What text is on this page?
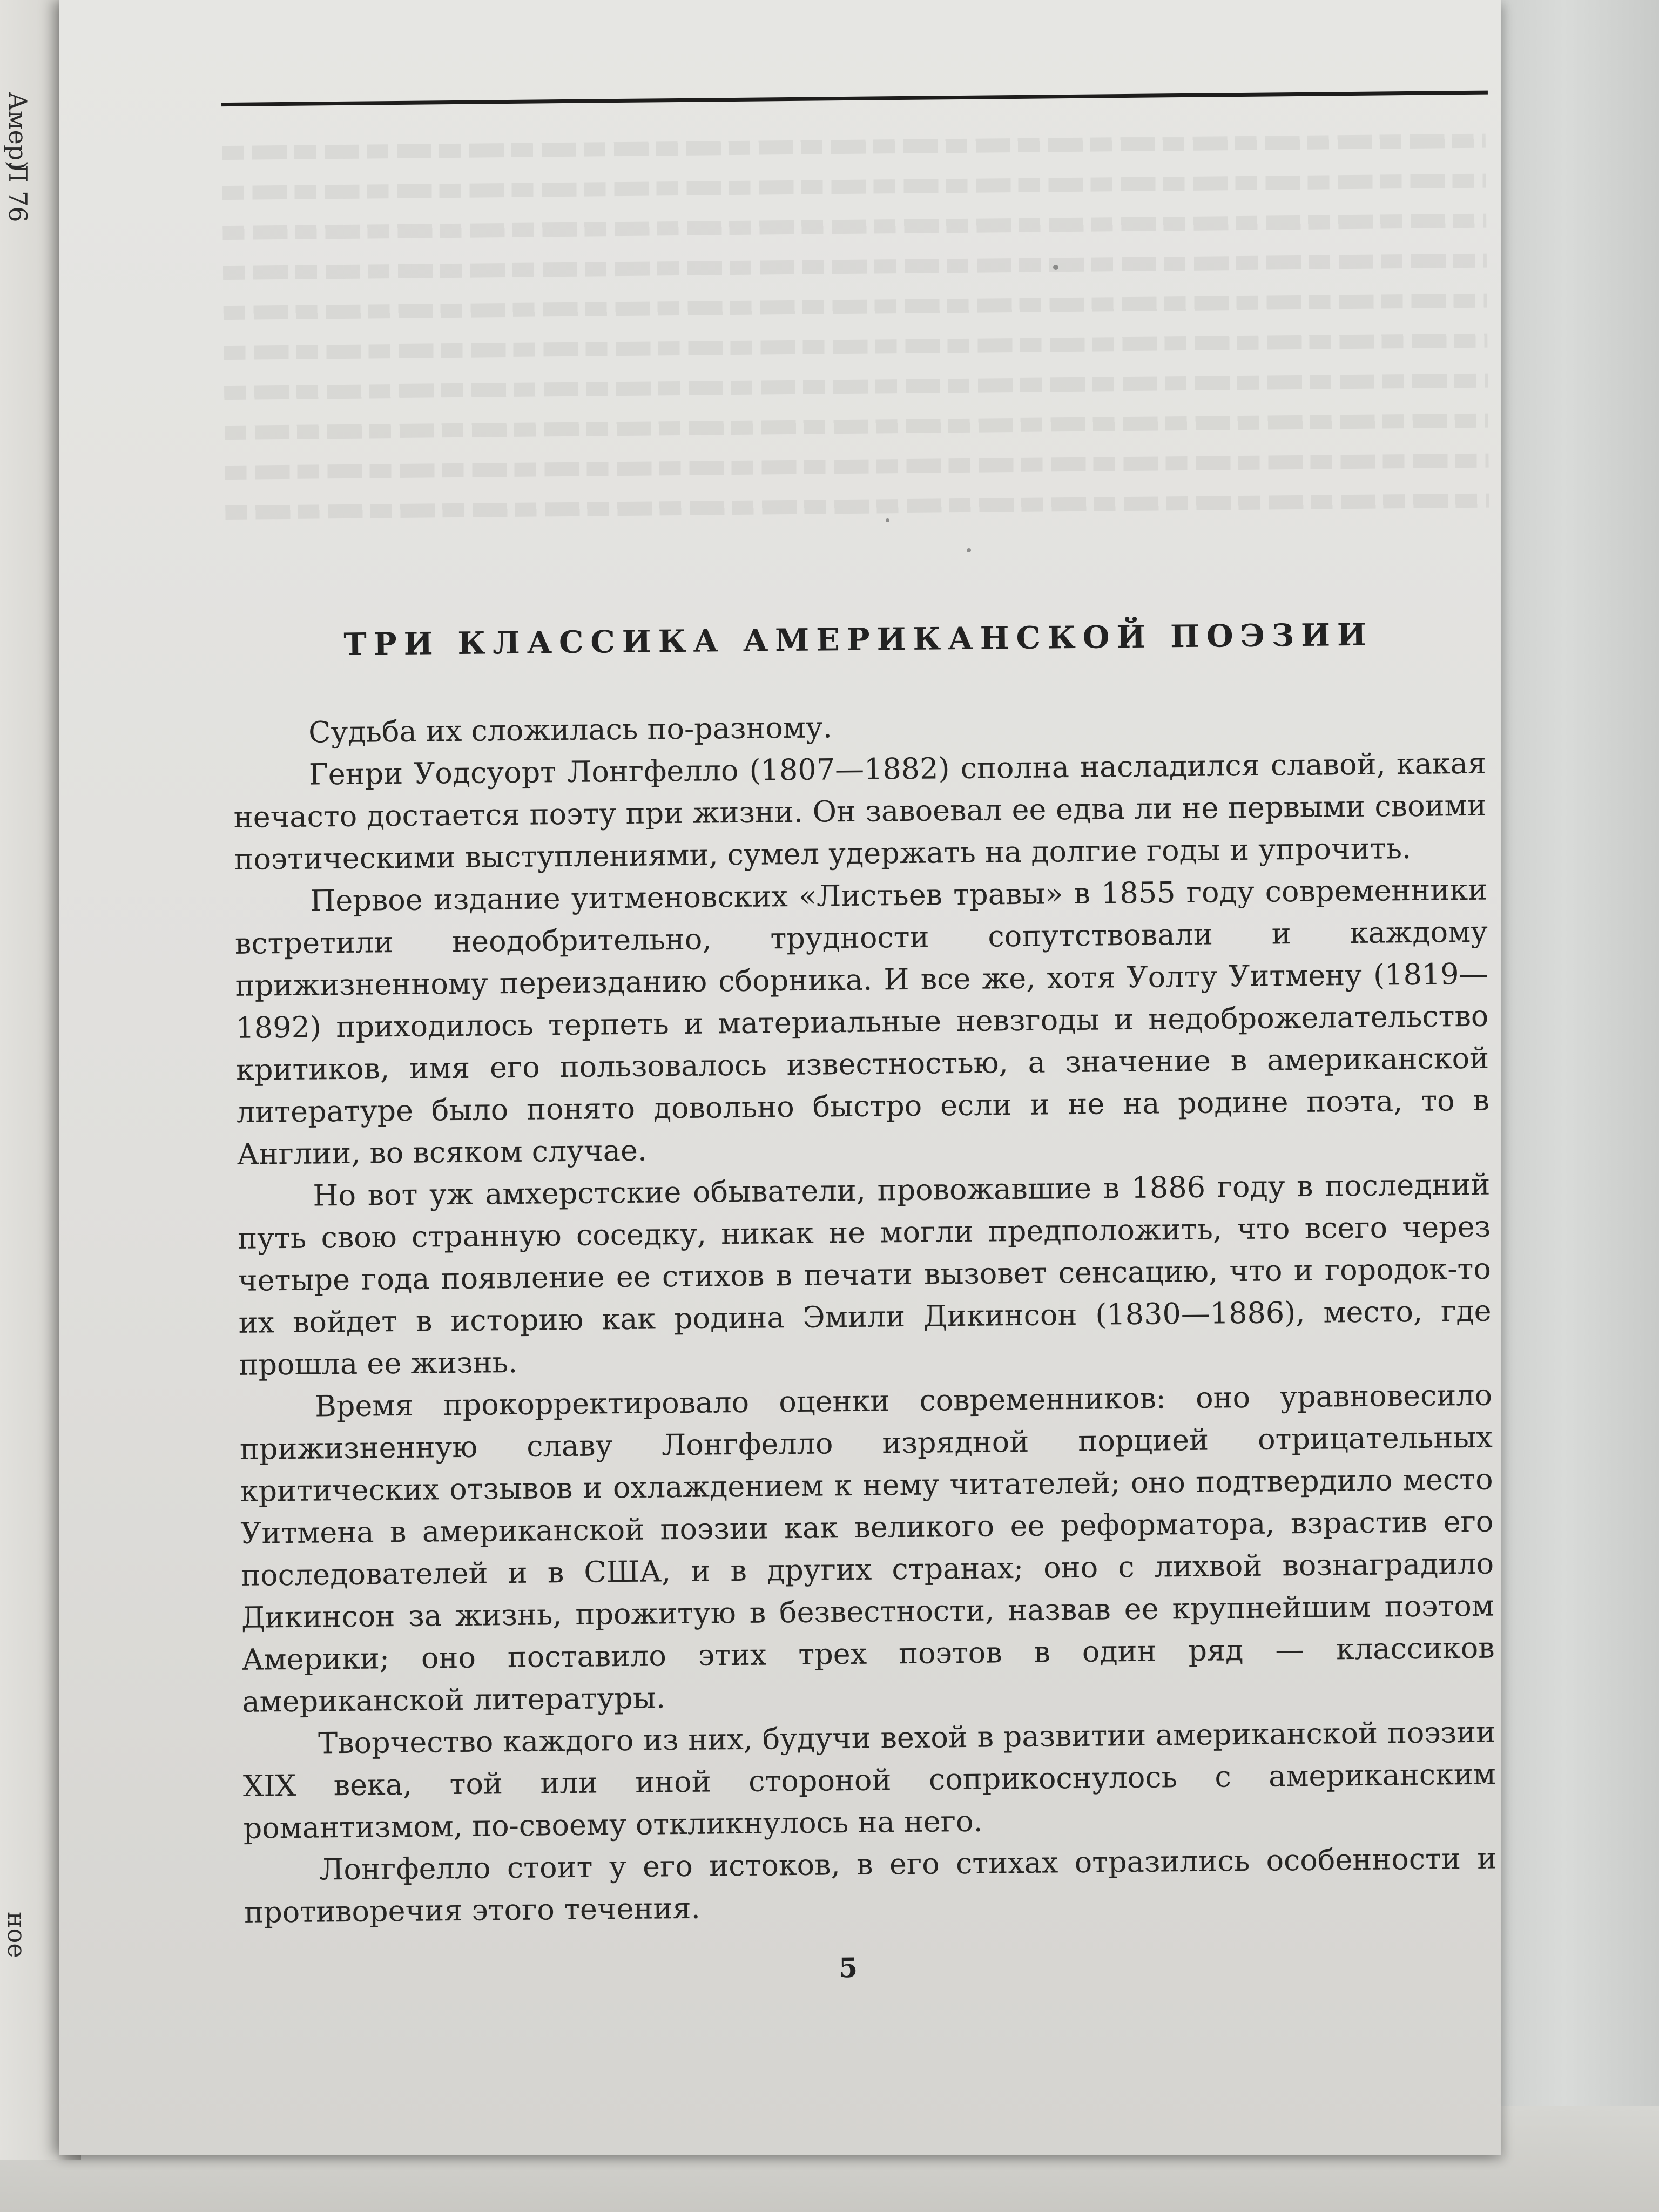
Амер)
Л 76
ное
ТРИ КЛАССИКА АМЕРИКАНСКОЙ ПОЭЗИИ

Судьба их сложилась по-разному.

Генри Уодсуорт Лонгфелло (1807—1882) сполна насладился славой, какая нечасто достается поэту при жизни. Он завоевал ее едва ли не первыми своими поэтическими выступлениями, сумел удержать на долгие годы и упрочить.

Первое издание уитменовских «Листьев травы» в 1855 году современники встретили неодобрительно, трудности сопутствовали и каждому прижизненному переизданию сборника. И все же, хотя Уолту Уитмену (1819—1892) приходилось терпеть и материальные невзгоды и недоброжелательство критиков, имя его пользовалось известностью, а значение в американской литературе было понято довольно быстро если и не на родине поэта, то в Англии, во всяком случае.

Но вот уж амхерстские обыватели, провожавшие в 1886 году в последний путь свою странную соседку, никак не могли предположить, что всего через четыре года появление ее стихов в печати вызовет сенсацию, что и городок-то их войдет в историю как родина Эмили Дикинсон (1830—1886), место, где прошла ее жизнь.

Время прокорректировало оценки современников: оно уравновесило прижизненную славу Лонгфелло изрядной порцией отрицательных критических отзывов и охлаждением к нему читателей; оно подтвердило место Уитмена в американской поэзии как великого ее реформатора, взрастив его последователей и в США, и в других странах; оно с лихвой вознаградило Дикинсон за жизнь, прожитую в безвестности, назвав ее крупнейшим поэтом Америки; оно поставило этих трех поэтов в один ряд — классиков американской литературы.

Творчество каждого из них, будучи вехой в развитии американской поэзии XIX века, той или иной стороной соприкоснулось с американским романтизмом, по-своему откликнулось на него.

Лонгфелло стоит у его истоков, в его стихах отразились особенности и противоречия этого течения.

5
